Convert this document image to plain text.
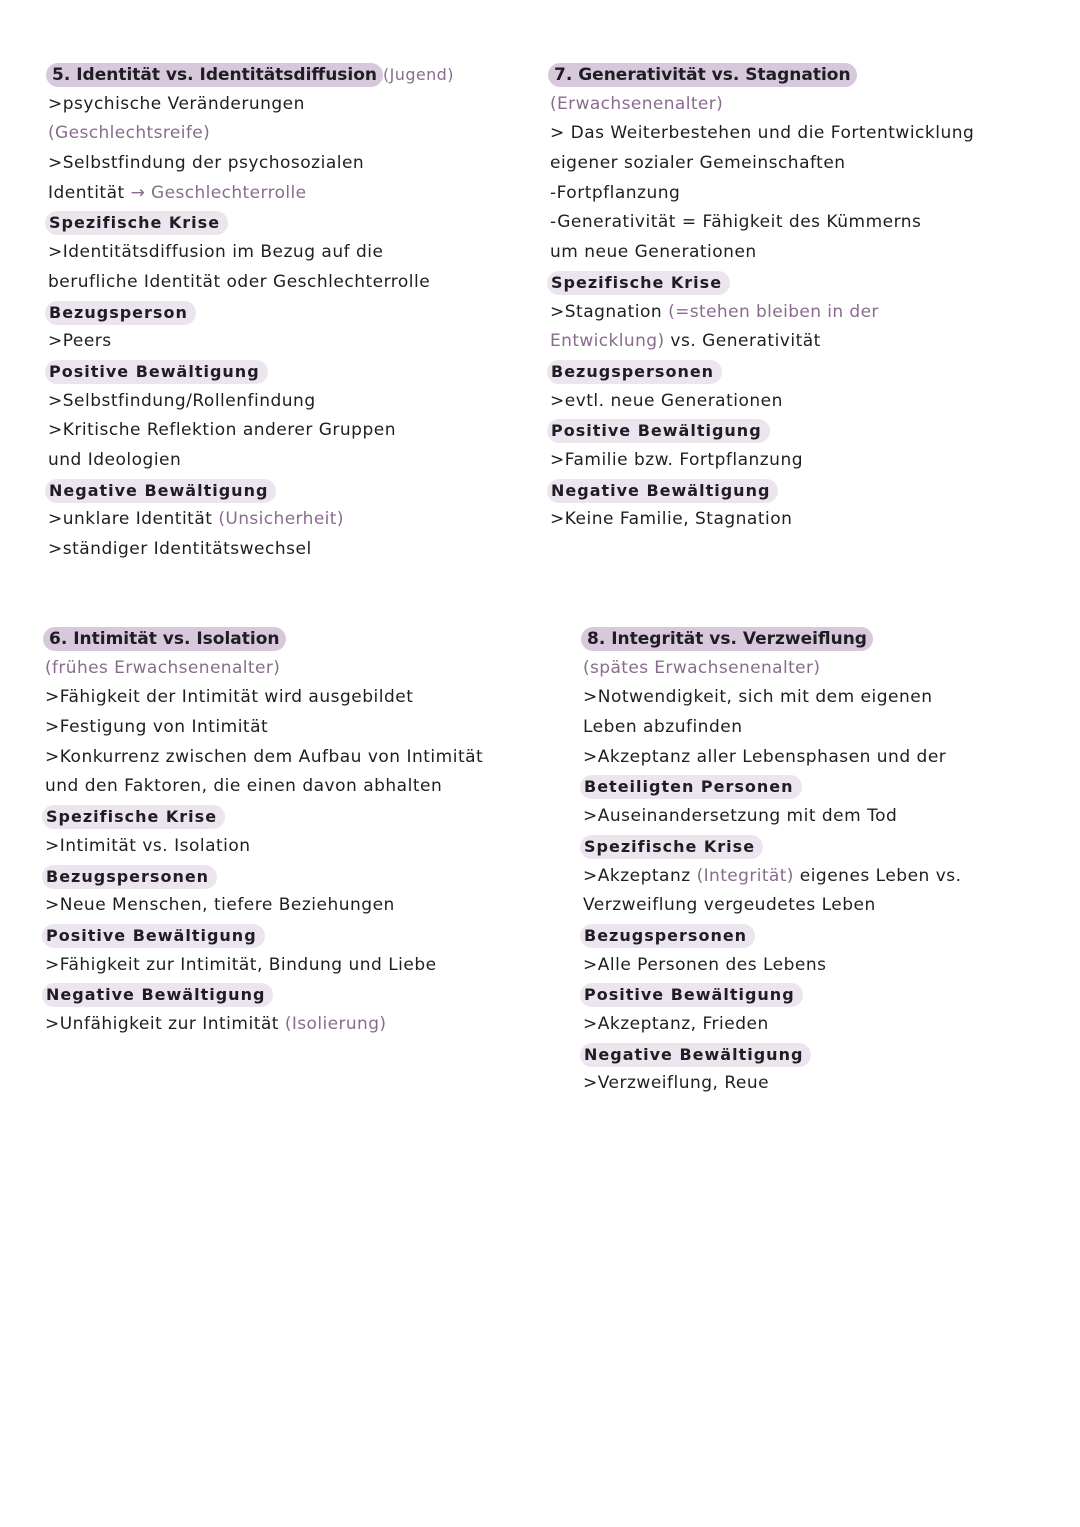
5. Identität vs. Identitätsdiffusion (Jugend)
>psychische Veränderungen
(Geschlechtsreife)
>Selbstfindung der psychosozialen
Identität → Geschlechterrolle
Spezifische Krise
>Identitätsdiffusion im Bezug auf die
berufliche Identität oder Geschlechterrolle
Bezugsperson
>Peers
Positive Bewältigung
>Selbstfindung/Rollenfindung
>Kritische Reflektion anderer Gruppen
und Ideologien
Negative Bewältigung
>unklare Identität (Unsicherheit)
>ständiger Identitätswechsel
7. Generativität vs. Stagnation
(Erwachsenenalter)
> Das Weiterbestehen und die Fortentwicklung
eigener sozialer Gemeinschaften
-Fortpflanzung
-Generativität = Fähigkeit des Kümmerns
um neue Generationen
Spezifische Krise
>Stagnation (=stehen bleiben in der
Entwicklung) vs. Generativität
Bezugspersonen
>evtl. neue Generationen
Positive Bewältigung
>Familie bzw. Fortpflanzung
Negative Bewältigung
>Keine Familie, Stagnation
6. Intimität vs. Isolation
(frühes Erwachsenenalter)
>Fähigkeit der Intimität wird ausgebildet
>Festigung von Intimität
>Konkurrenz zwischen dem Aufbau von Intimität
und den Faktoren, die einen davon abhalten
Spezifische Krise
>Intimität vs. Isolation
Bezugspersonen
>Neue Menschen, tiefere Beziehungen
Positive Bewältigung
>Fähigkeit zur Intimität, Bindung und Liebe
Negative Bewältigung
>Unfähigkeit zur Intimität (Isolierung)
8. Integrität vs. Verzweiflung
(spätes Erwachsenenalter)
>Notwendigkeit, sich mit dem eigenen
Leben abzufinden
>Akzeptanz aller Lebensphasen und der
Beteiligten Personen
>Auseinandersetzung mit dem Tod
Spezifische Krise
>Akzeptanz (Integrität) eigenes Leben vs.
Verzweiflung vergeudetes Leben
Bezugspersonen
>Alle Personen des Lebens
Positive Bewältigung
>Akzeptanz, Frieden
Negative Bewältigung
>Verzweiflung, Reue
